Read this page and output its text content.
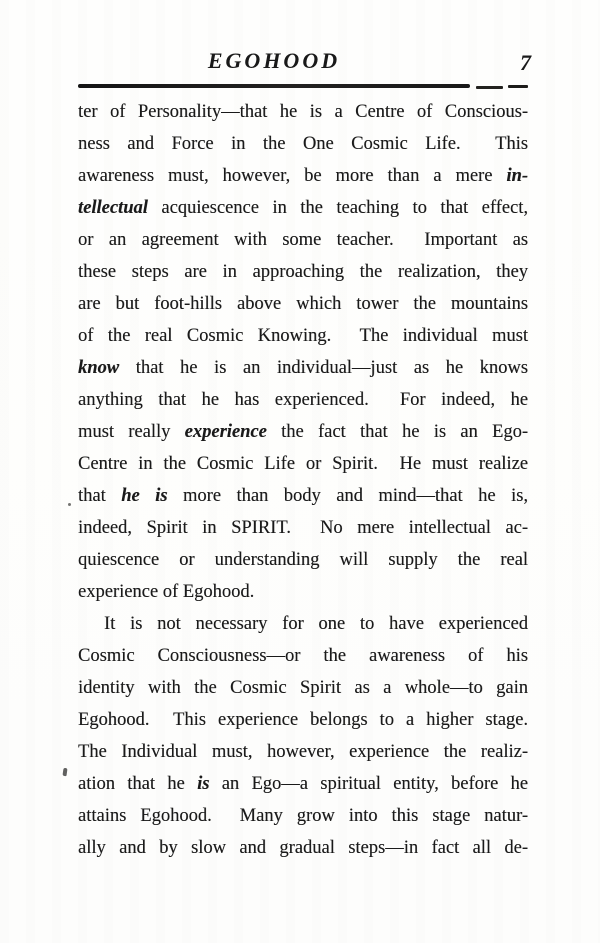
EGOHOOD	7
ter of Personality—that he is a Centre of Conscious-
ness and Force in the One Cosmic Life.  This
awareness must, however, be more than a mere in-
tellectual acquiescence in the teaching to that effect,
or an agreement with some teacher.  Important as
these steps are in approaching the realization, they
are but foot-hills above which tower the mountains
of the real Cosmic Knowing.  The individual must
know that he is an individual—just as he knows
anything that he has experienced.  For indeed, he
must really experience the fact that he is an Ego-
Centre in the Cosmic Life or Spirit.  He must realize
that he is more than body and mind—that he is,
indeed, Spirit in SPIRIT.  No mere intellectual ac-
quiescence or understanding will supply the real
experience of Egohood.
It is not necessary for one to have experienced
Cosmic Consciousness—or the awareness of his
identity with the Cosmic Spirit as a whole—to gain
Egohood.  This experience belongs to a higher stage.
The Individual must, however, experience the realiz-
ation that he is an Ego—a spiritual entity, before he
attains Egohood.  Many grow into this stage natur-
ally and by slow and gradual steps—in fact all de-
